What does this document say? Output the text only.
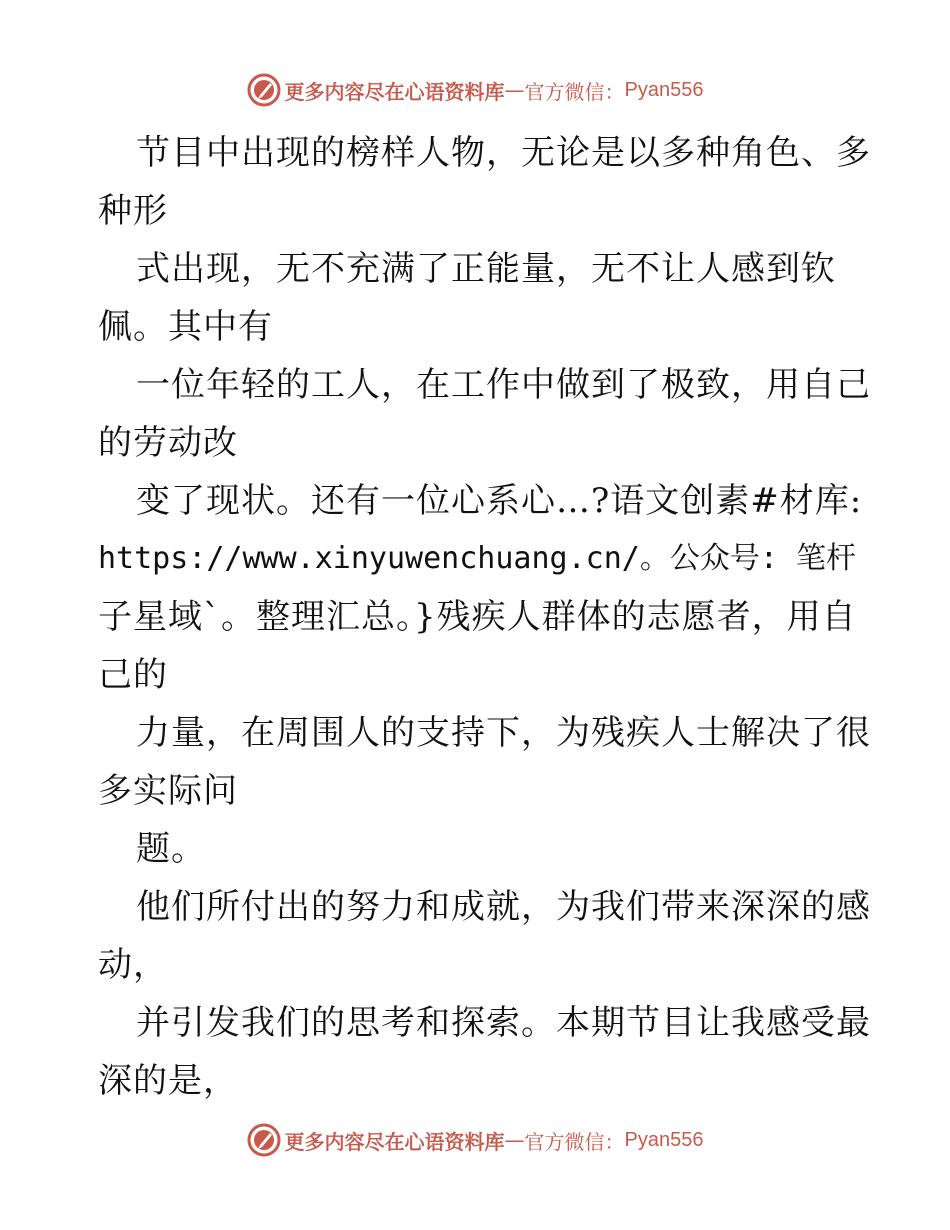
更多内容尽在心语资料库 — 官方微信： Pyan556
节目中出现的榜样人物，无论是以多种角色、多
种形
式出现，无不充满了正能量，无不让人感到钦
佩。其中有
一位年轻的工人，在工作中做到了极致，用自己
的劳动改
变了现状。还有一位心系心…?语文创素#材库:
https://www.xinyuwenchuang.cn/。公众号: 笔杆
子星域`。整理汇总。}残疾人群体的志愿者，用自
己的
力量，在周围人的支持下，为残疾人士解决了很
多实际问
题。
他们所付出的努力和成就，为我们带来深深的感
动，
并引发我们的思考和探索。本期节目让我感受最
深的是，
更多内容尽在心语资料库 — 官方微信： Pyan556
